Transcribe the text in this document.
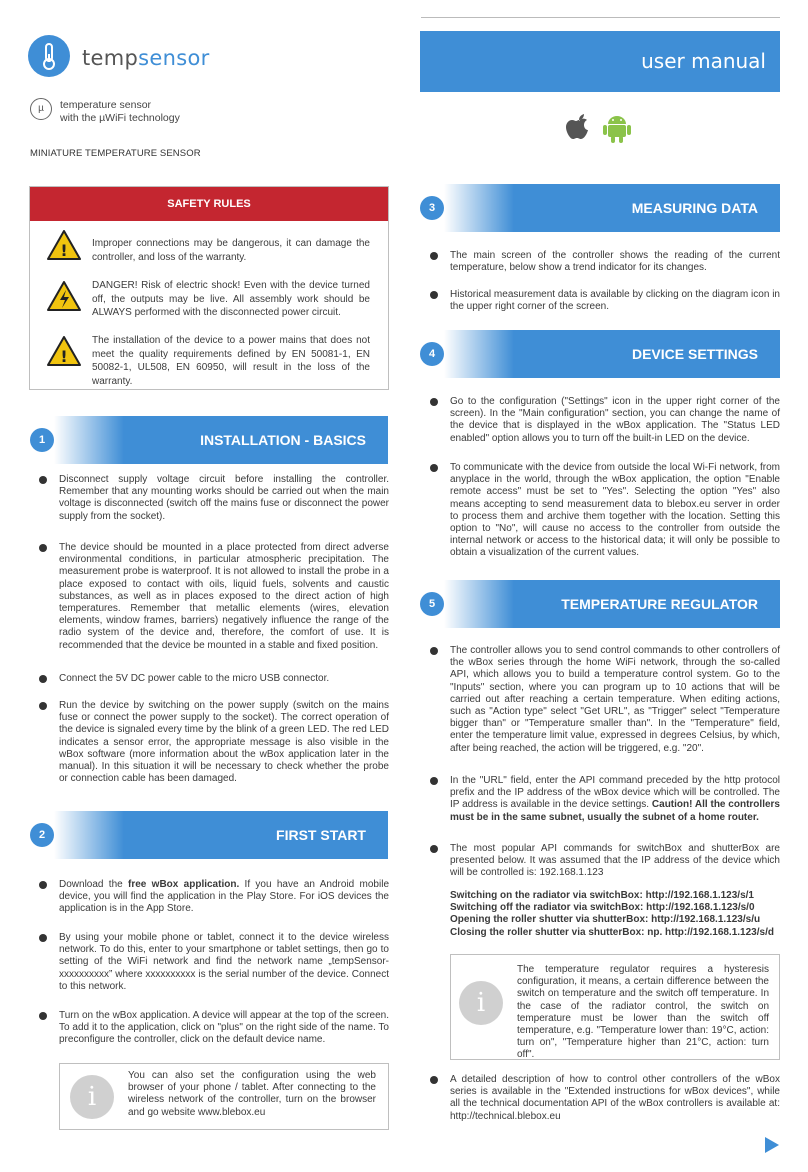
tempsensor
µ	temperature sensor
with the µWiFi technology
MINIATURE TEMPERATURE SENSOR
user manual
SAFETY RULES
! Improper connections may be dangerous, it can damage the controller, and loss of the warranty.
DANGER! Risk of electric shock! Even with the device turned off, the outputs may be live. All assembly work should be ALWAYS performed with the disconnected power circuit.
!
The installation of the device to a power mains that does not meet the quality requirements defined by EN 50081-1, EN 50082-1, UL508, EN 60950, will result in the loss of the warranty.
1	INSTALLATION - BASICS
Disconnect supply voltage circuit before installing the controller. Remember that any mounting works should be carried out when the main voltage is disconnected (switch off the mains fuse or disconnect the power supply from the socket).
The device should be mounted in a place protected from direct adverse environmental conditions, in particular atmospheric precipitation. The measurement probe is waterproof. It is not allowed to install the probe in a place exposed to contact with oils, liquid fuels, solvents and caustic substances, as well as in places exposed to the direct action of high temperatures. Remember that metallic elements (wires, elevation elements, window frames, barriers) negatively influence the range of the radio system of the device and, therefore, the comfort of use. It is recommended that the device be mounted in a stable and fixed position.
Connect the 5V DC power cable to the micro USB connector.
Run the device by switching on the power supply (switch on the mains fuse or connect the power supply to the socket). The correct operation of the device is signaled every time by the blink of a green LED. The red LED indicates a sensor error, the appropriate message is also visible in the wBox software (more information about the wBox application later in the manual). In this situation it will be necessary to check whether the probe or connection cable has been damaged.
2	FIRST START
Download the free wBox application. If you have an Android mobile device, you will find the application in the Play Store. For iOS devices the application is in the App Store.
By using your mobile phone or tablet, connect it to the device wireless network. To do this, enter to your smartphone or tablet settings, then go to setting of the WiFi network and find the network name „tempSensor-xxxxxxxxxx” where xxxxxxxxxx is the serial number of the device. Connect to this network.
Turn on the wBox application. A device will appear at the top of the screen. To add it to the application, click on "plus" on the right side of the name. To preconfigure the controller, click on the default device name.
i
You can also set the configuration using the web browser of your phone / tablet. After connecting to the wireless network of the controller, turn on the browser and go website www.blebox.eu
3	MEASURING DATA
The main screen of the controller shows the reading of the current temperature, below show a trend indicator for its changes.
Historical measurement data is available by clicking on the diagram icon in the upper right corner of the screen.
4	DEVICE SETTINGS
Go to the configuration ("Settings" icon in the upper right corner of the screen). In the "Main configuration" section, you can change the name of the device that is displayed in the wBox application. The "Status LED enabled" option allows you to turn off the built-in LED on the device.
To communicate with the device from outside the local Wi-Fi network, from anyplace in the world, through the wBox application, the option "Enable remote access" must be set to "Yes". Selecting the option "Yes" also means accepting to send measurement data to blebox.eu server in order to process them and archive them together with the location. Setting this option to "No", will cause no access to the controller from outside the internal network or access to the historical data; it will only be possible to obtain a visualization of the current values.
5	TEMPERATURE REGULATOR
The controller allows you to send control commands to other controllers of the wBox series through the home WiFi network, through the so-called API, which allows you to build a temperature control system. Go to the "Inputs" section, where you can program up to 10 actions that will be carried out after reaching a certain temperature. When editing actions, such as "Action type" select "Get URL", as "Trigger" select "Temperature bigger than" or "Temperature smaller than". In the "Temperature" field, enter the temperature limit value, expressed in degrees Celsius, by which, after being reached, the action will be triggered, e.g. "20".
In the "URL" field, enter the API command preceded by the http protocol prefix and the IP address of the wBox device which will be controlled. The IP address is available in the device settings. Caution! All the controllers must be in the same subnet, usually the subnet of a home router.
The most popular API commands for switchBox and shutterBox are presented below. It was assumed that the IP address of the device which will be controlled is: 192.168.1.123
Switching on the radiator via switchBox: http://192.168.1.123/s/1
Switching off the radiator via switchBox: http://192.168.1.123/s/0
Opening the roller shutter via shutterBox: http://192.168.1.123/s/u
Closing the roller shutter via shutterBox: np. http://192.168.1.123/s/d
i
The temperature regulator requires a hysteresis configuration, it means, a certain difference between the switch on temperature and the switch off temperature. In the case of the radiator control, the switch on temperature must be lower than the switch off temperature, e.g. "Temperature lower than: 19°C, action: turn on", "Temperature higher than 21°C, action: turn off".
A detailed description of how to control other controllers of the wBox series is available in the "Extended instructions for wBox devices", while all the technical documentation API of the wBox controllers is available at: http://technical.blebox.eu
